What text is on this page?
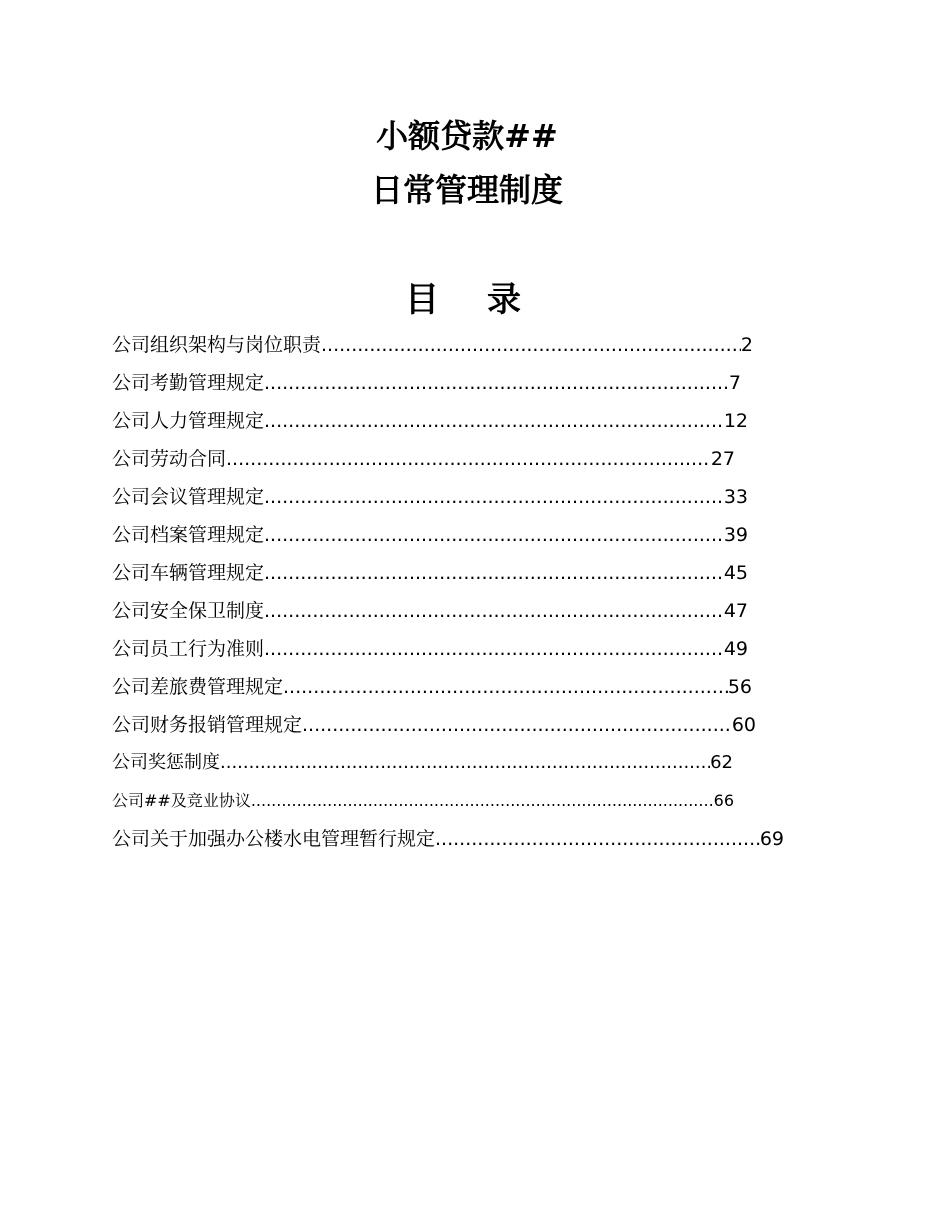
小额贷款##
日常管理制度
目录
公司组织架构与岗位职责 .....	2
公司考勤管理规定 .....	7
公司人力管理规定 .....	12
公司劳动合同 .....	27
公司会议管理规定 .....	33
公司档案管理规定 .....	39
公司车辆管理规定 .....	45
公司安全保卫制度 .....	47
公司员工行为准则 .....	49
公司差旅费管理规定 .....	56
公司财务报销管理规定 .....	60
公司奖惩制度 .....	62
公司##及竞业协议 .....	66
公司关于加强办公楼水电管理暂行规定 .....	69
